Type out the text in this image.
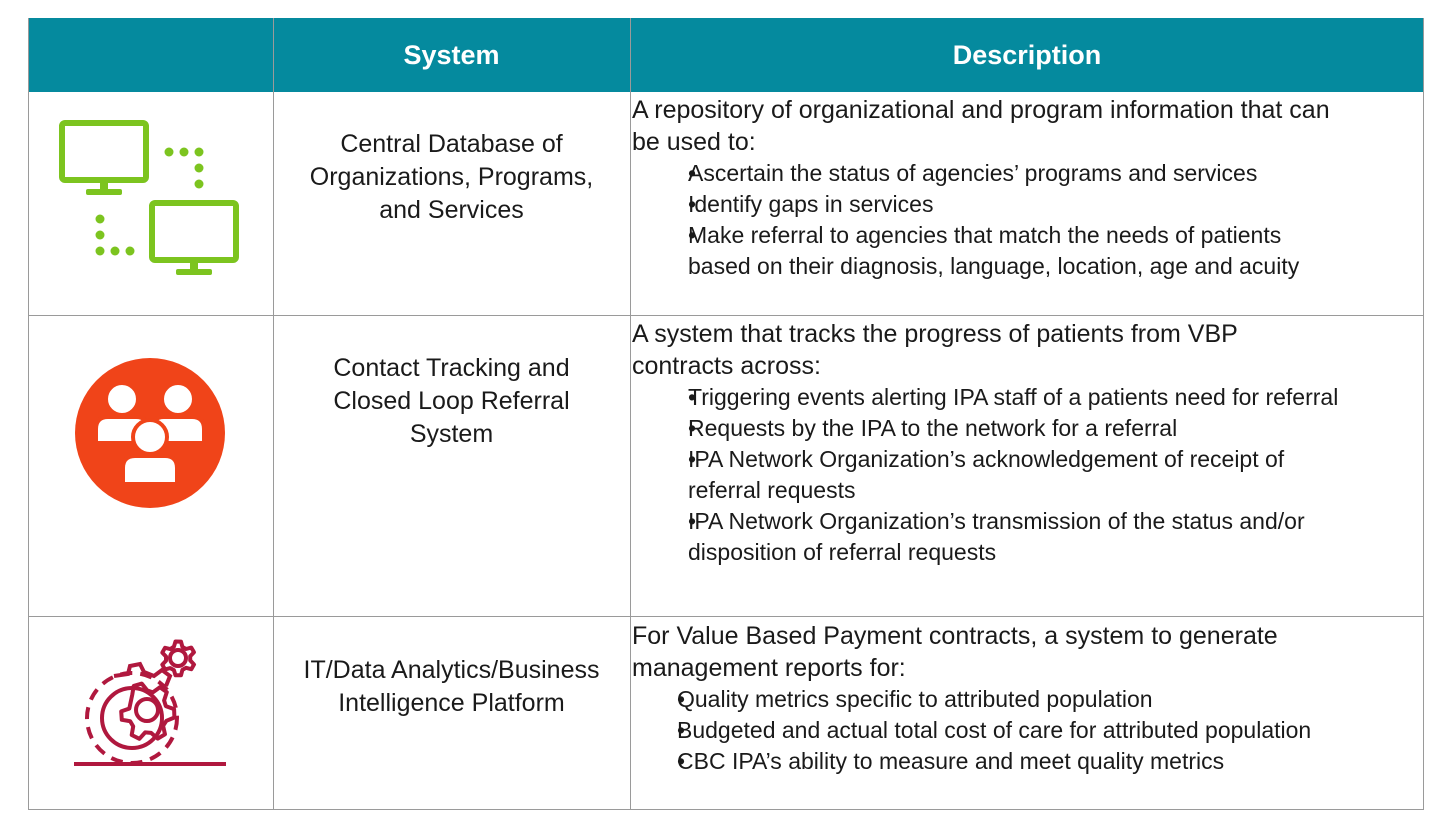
System	Description
Central Database of
Organizations, Programs,
and Services
A repository of organizational and program information that can
be used to:
• Ascertain the status of agencies’ programs and services
• Identify gaps in services
• Make referral to agencies that match the needs of patients
based on their diagnosis, language, location, age and acuity
Contact Tracking and
Closed Loop Referral
System
A system that tracks the progress of patients from VBP
contracts across:
• Triggering events alerting IPA staff of a patients need for referral
• Requests by the IPA to the network for a referral
• IPA Network Organization’s acknowledgement of receipt of
referral requests
• IPA Network Organization’s transmission of the status and/or
disposition of referral requests
IT/Data Analytics/Business
Intelligence Platform
For Value Based Payment contracts, a system to generate
management reports for:
• Quality metrics specific to attributed population
• Budgeted and actual total cost of care for attributed population
• CBC IPA’s ability to measure and meet quality metrics
